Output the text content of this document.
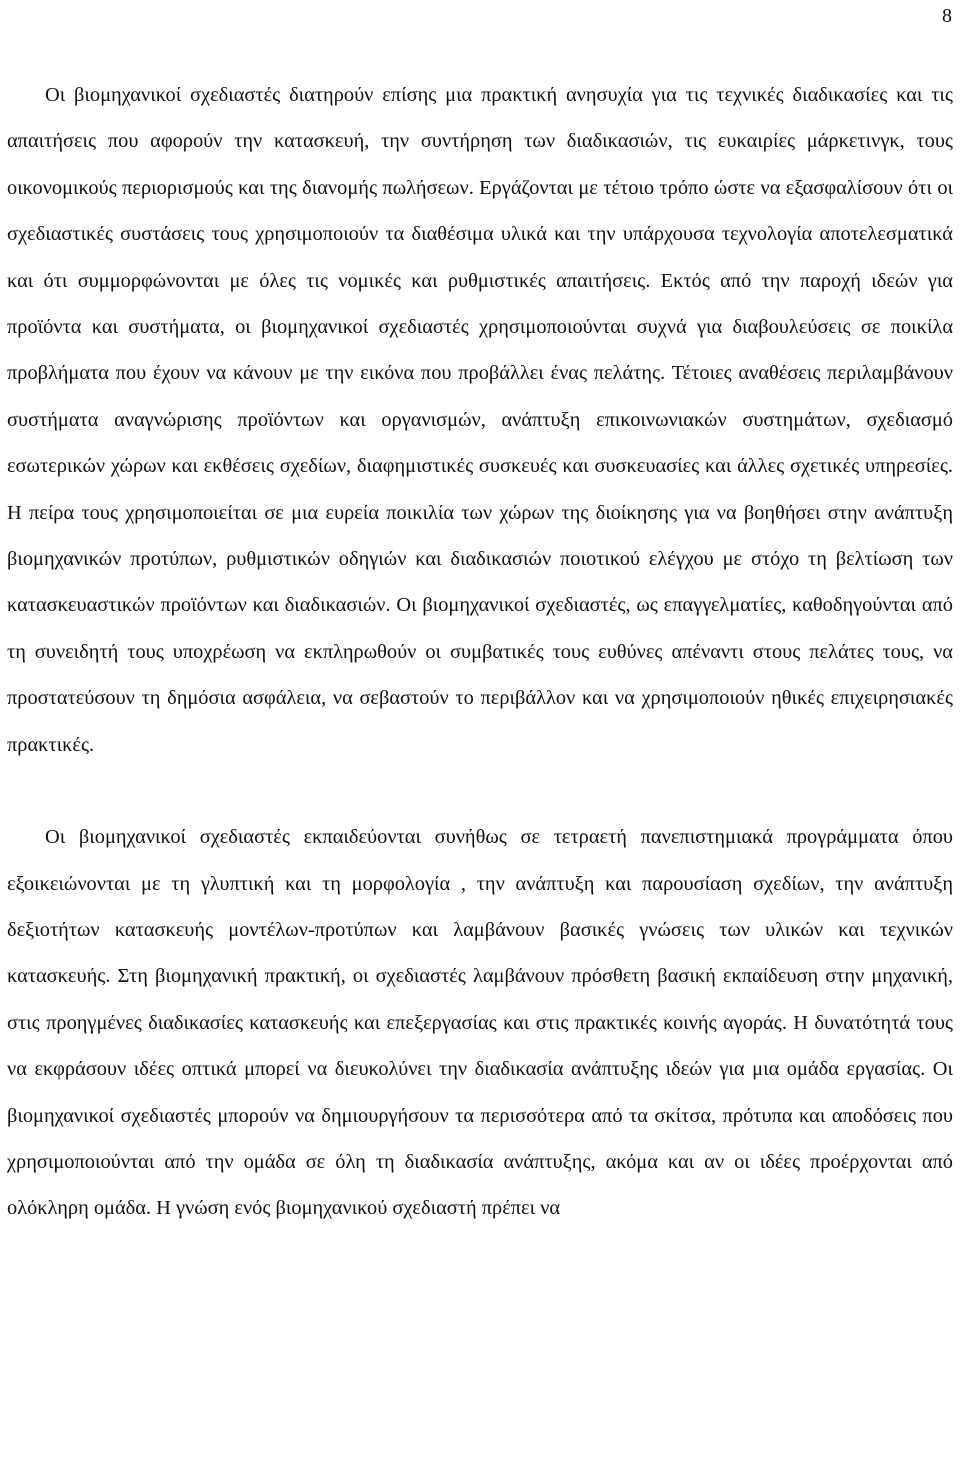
8

Οι βιομηχανικοί σχεδιαστές διατηρούν επίσης μια πρακτική ανησυχία για τις τεχνικές διαδικασίες και τις απαιτήσεις που αφορούν την κατασκευή, την συντήρηση των διαδικασιών, τις ευκαιρίες μάρκετινγκ, τους οικονομικούς περιορισμούς και της διανομής πωλήσεων. Εργάζονται με τέτοιο τρόπο ώστε να εξασφαλίσουν ότι οι σχεδιαστικές συστάσεις τους χρησιμοποιούν τα διαθέσιμα υλικά και την υπάρχουσα τεχνολογία αποτελεσματικά και ότι συμμορφώνονται με όλες τις νομικές και ρυθμιστικές απαιτήσεις. Εκτός από την παροχή ιδεών για προϊόντα και συστήματα, οι βιομηχανικοί σχεδιαστές χρησιμοποιούνται συχνά για διαβουλεύσεις σε ποικίλα προβλήματα που έχουν να κάνουν με την εικόνα που προβάλλει ένας πελάτης. Τέτοιες αναθέσεις περιλαμβάνουν συστήματα αναγνώρισης προϊόντων και οργανισμών, ανάπτυξη επικοινωνιακών συστημάτων, σχεδιασμό εσωτερικών χώρων και εκθέσεις σχεδίων, διαφημιστικές συσκευές και συσκευασίες και άλλες σχετικές υπηρεσίες. Η πείρα τους χρησιμοποιείται σε μια ευρεία ποικιλία των χώρων της διοίκησης για να βοηθήσει στην ανάπτυξη βιομηχανικών προτύπων, ρυθμιστικών οδηγιών και διαδικασιών ποιοτικού ελέγχου με στόχο τη βελτίωση των κατασκευαστικών προϊόντων και διαδικασιών. Οι βιομηχανικοί σχεδιαστές, ως επαγγελματίες, καθοδηγούνται από τη συνειδητή τους υποχρέωση να εκπληρωθούν οι συμβατικές τους ευθύνες απέναντι στους πελάτες τους, να προστατεύσουν τη δημόσια ασφάλεια, να σεβαστούν το περιβάλλον και να χρησιμοποιούν ηθικές επιχειρησιακές πρακτικές.

Οι βιομηχανικοί σχεδιαστές εκπαιδεύονται συνήθως σε τετραετή πανεπιστημιακά προγράμματα όπου εξοικειώνονται με τη γλυπτική και τη μορφολογία , την ανάπτυξη και παρουσίαση σχεδίων, την ανάπτυξη δεξιοτήτων κατασκευής μοντέλων-προτύπων και λαμβάνουν βασικές γνώσεις των υλικών και τεχνικών κατασκευής. Στη βιομηχανική πρακτική, οι σχεδιαστές λαμβάνουν πρόσθετη βασική εκπαίδευση στην μηχανική, στις προηγμένες διαδικασίες κατασκευής και επεξεργασίας και στις πρακτικές κοινής αγοράς. Η δυνατότητά τους να εκφράσουν ιδέες οπτικά μπορεί να διευκολύνει την διαδικασία ανάπτυξης ιδεών για μια ομάδα εργασίας. Οι βιομηχανικοί σχεδιαστές μπορούν να δημιουργήσουν τα περισσότερα από τα σκίτσα, πρότυπα και αποδόσεις που χρησιμοποιούνται από την ομάδα σε όλη τη διαδικασία ανάπτυξης, ακόμα και αν οι ιδέες προέρχονται από ολόκληρη ομάδα. Η γνώση ενός βιομηχανικού σχεδιαστή πρέπει να
